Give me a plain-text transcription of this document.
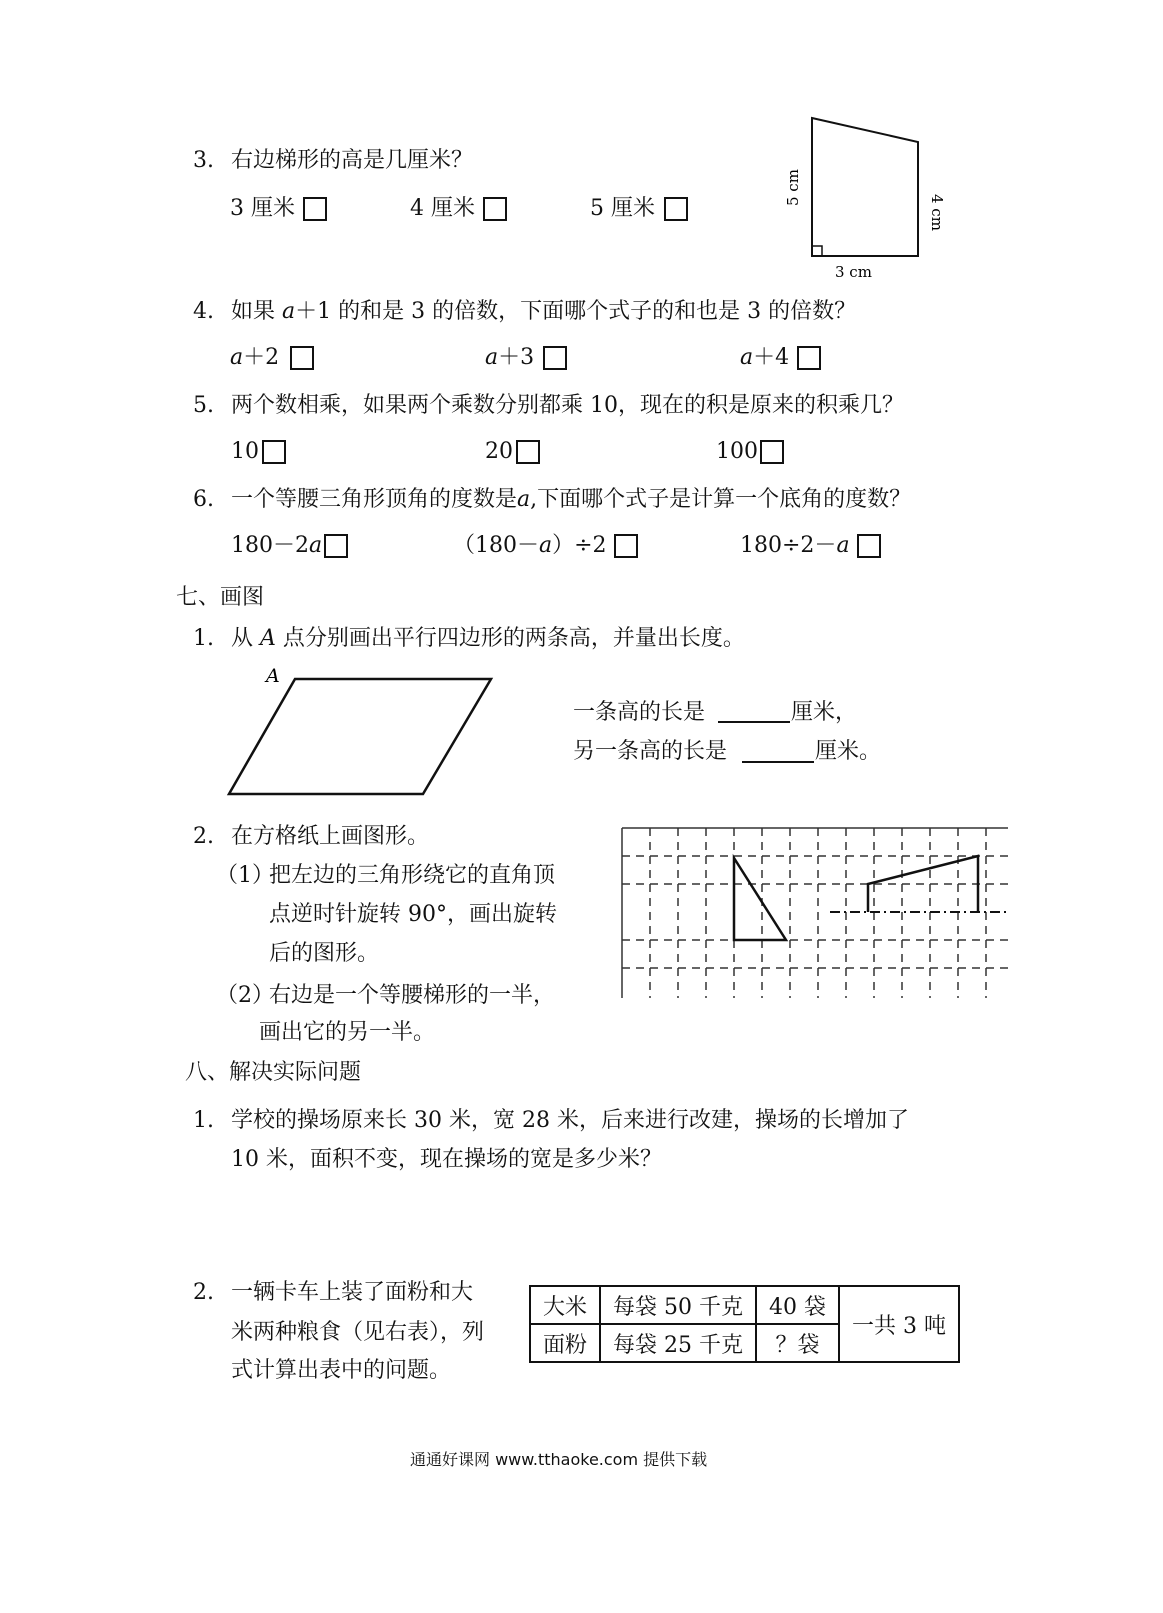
3. 右边梯形的高是几厘米？
3 厘米	4 厘米	5 厘米
5 cm
4 cm
3 cm
4. 如果 a＋1 的和是 3 的倍数，下面哪个式子的和也是 3 的倍数？
a＋2	a＋3	a＋4
5. 两个数相乘，如果两个乘数分别都乘 10，现在的积是原来的积乘几？
10	20	100
6. 一个等腰三角形顶角的度数是a,下面哪个式子是计算一个底角的度数？
180－2a	（180－a）÷2	180÷2－a
七、画图
1. 从 A 点分别画出平行四边形的两条高，并量出长度。
A
一条高的长是	厘米，
另一条高的长是	厘米。
2. 在方格纸上画图形。
（1）
把左边的三角形绕它的直角顶
点逆时针旋转 90°，画出旋转
后的图形。
（2）
右边是一个等腰梯形的一半，
画出它的另一半。
八、解决实际问题
1. 学校的操场原来长 30 米，宽 28 米，后来进行改建，操场的长增加了
10 米，面积不变，现在操场的宽是多少米？
2. 一辆卡车上装了面粉和大
米两种粮食（见右表），列
式计算出表中的问题。
大米	每袋 50 千克	40 袋	一共 3 吨
面粉	每袋 25 千克	？袋	
通通好课网 www.tthaoke.com 提供下载
